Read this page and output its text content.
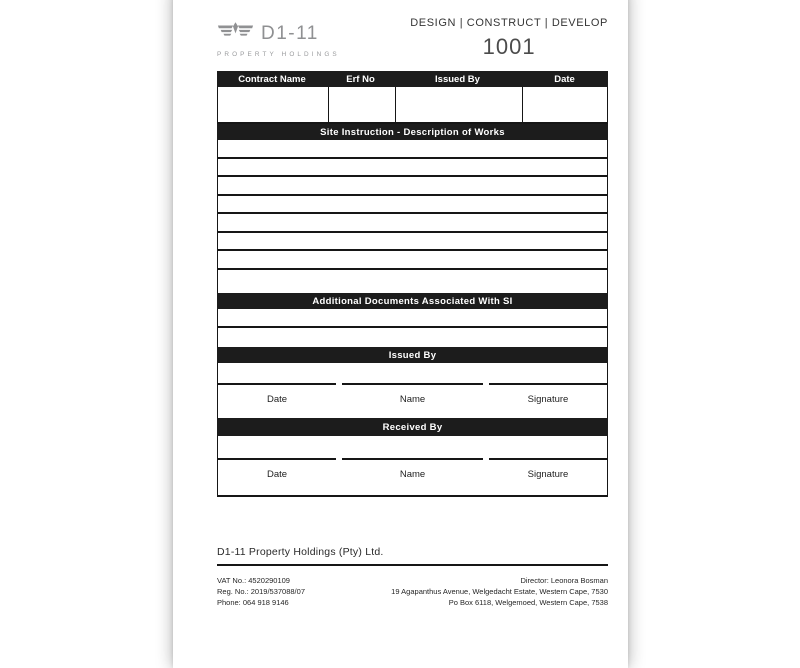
D1-11
PROPERTY HOLDINGS
DESIGN | CONSTRUCT | DEVELOP
1001
Contract Name	Erf No	Issued By	Date
Site Instruction - Description of Works
Additional Documents Associated With SI
Issued By
Date	Name	Signature
Received By
Date	Name	Signature
D1-11 Property Holdings (Pty) Ltd.
VAT No.: 4520290109
Reg. No.: 2019/537088/07
Phone: 064 918 9146
Director: Leonora Bosman
19 Agapanthus Avenue, Welgedacht Estate, Western Cape, 7530
Po Box 6118, Welgemoed, Western Cape, 7538
